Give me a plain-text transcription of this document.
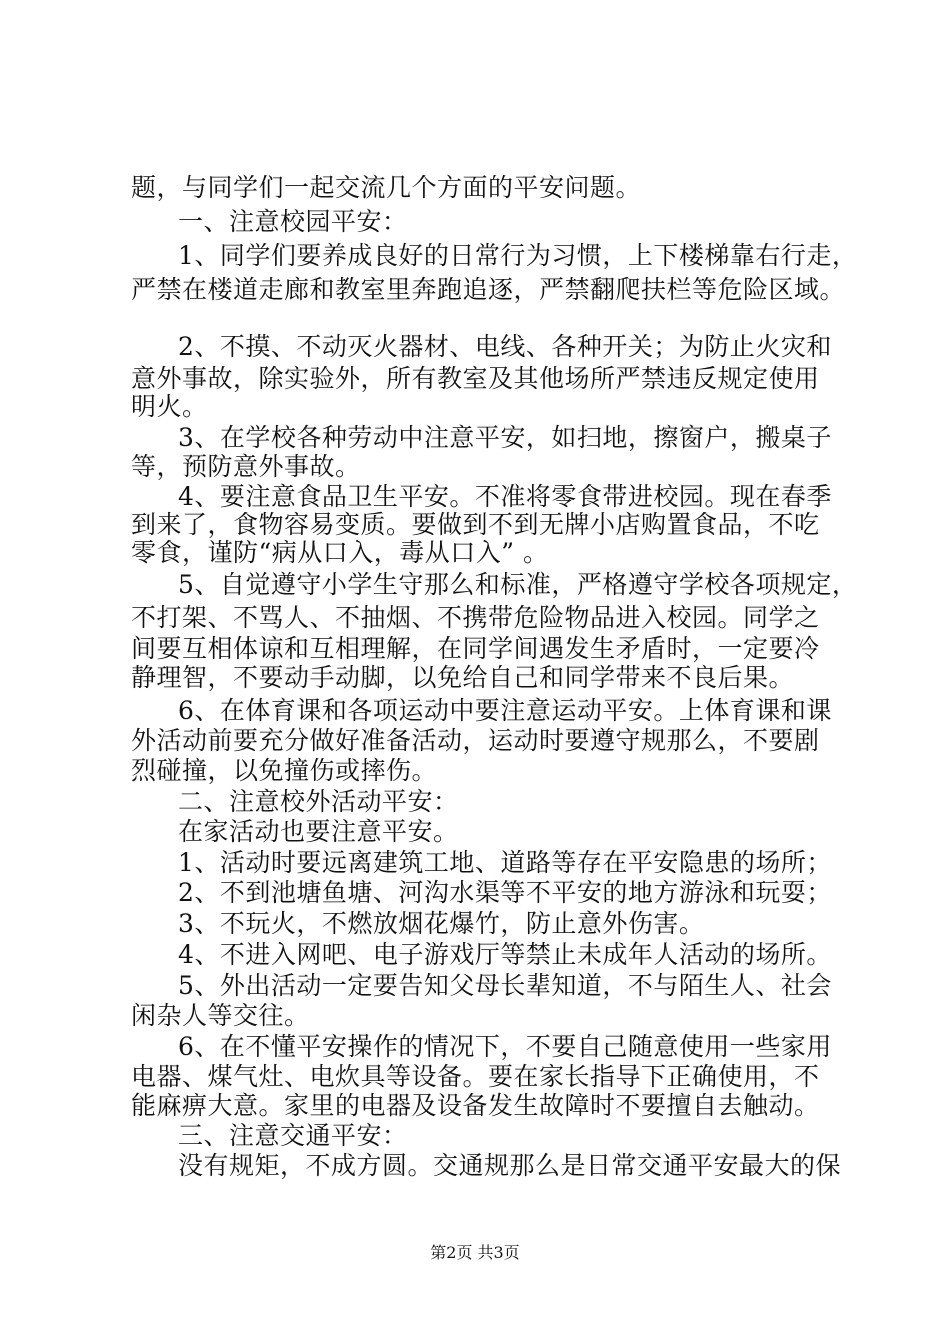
题，与同学们一起交流几个方面的平安问题。
一、注意校园平安：
1、同学们要养成良好的日常行为习惯，上下楼梯靠右行走，
严禁在楼道走廊和教室里奔跑追逐，严禁翻爬扶栏等危险区域。
2、不摸、不动灭火器材、电线、各种开关；为防止火灾和
意外事故，除实验外，所有教室及其他场所严禁违反规定使用
明火。
3、在学校各种劳动中注意平安，如扫地，擦窗户，搬桌子
等，预防意外事故。
4、要注意食品卫生平安。不准将零食带进校园。现在春季
到来了，食物容易变质。要做到不到无牌小店购置食品，不吃
零食，谨防“病从口入，毒从口入” 。
5、自觉遵守小学生守那么和标准，严格遵守学校各项规定，
不打架、不骂人、不抽烟、不携带危险物品进入校园。同学之
间要互相体谅和互相理解，在同学间遇发生矛盾时，一定要冷
静理智，不要动手动脚，以免给自己和同学带来不良后果。
6、在体育课和各项运动中要注意运动平安。上体育课和课
外活动前要充分做好准备活动，运动时要遵守规那么，不要剧
烈碰撞，以免撞伤或摔伤。
二、注意校外活动平安：
在家活动也要注意平安。
1、活动时要远离建筑工地、道路等存在平安隐患的场所；
2、不到池塘鱼塘、河沟水渠等不平安的地方游泳和玩耍；
3、不玩火，不燃放烟花爆竹，防止意外伤害。
4、不进入网吧、电子游戏厅等禁止未成年人活动的场所。
5、外出活动一定要告知父母长辈知道，不与陌生人、社会
闲杂人等交往。
6、在不懂平安操作的情况下，不要自己随意使用一些家用
电器、煤气灶、电炊具等设备。要在家长指导下正确使用，不
能麻痹大意。家里的电器及设备发生故障时不要擅自去触动。
三、注意交通平安：
没有规矩，不成方圆。交通规那么是日常交通平安最大的保
第2页 共3页
